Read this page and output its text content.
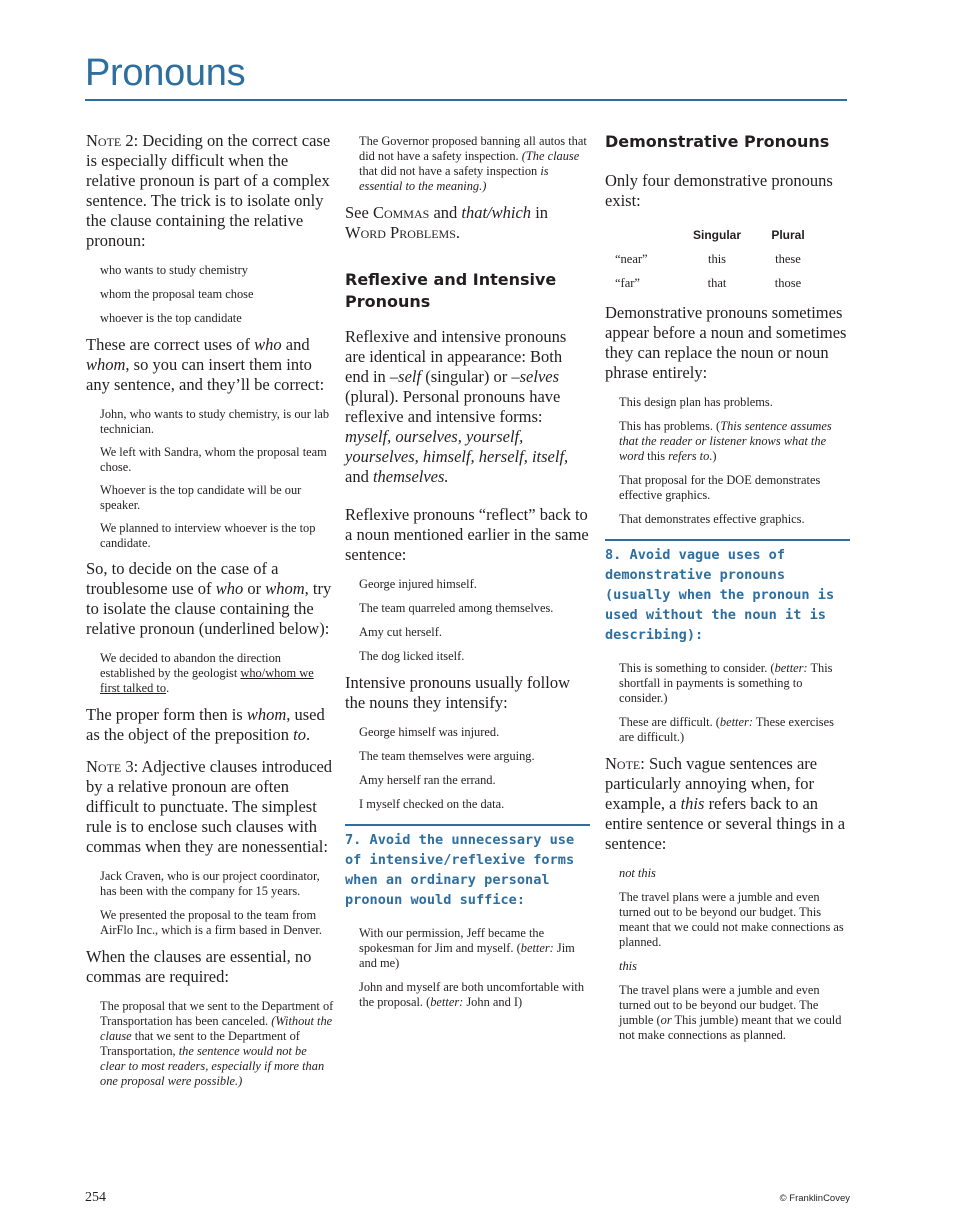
Pronouns

Note 2: Deciding on the correct case is especially difficult when the relative pronoun is part of a complex sentence. The trick is to isolate only the clause containing the relative pronoun:

who wants to study chemistry

whom the proposal team chose

whoever is the top candidate

These are correct uses of who and whom, so you can insert them into any sentence, and they’ll be correct:

John, who wants to study chemistry, is our lab technician.

We left with Sandra, whom the proposal team chose.

Whoever is the top candidate will be our speaker.

We planned to interview whoever is the top candidate.

So, to decide on the case of a troublesome use of who or whom, try to isolate the clause containing the relative pronoun (underlined below):

We decided to abandon the direction established by the geologist who/whom we first talked to.

The proper form then is whom, used as the object of the preposition to.

Note 3: Adjective clauses introduced by a relative pronoun are often difficult to punctuate. The simplest rule is to enclose such clauses with commas when they are nonessential:

Jack Craven, who is our project coordinator, has been with the company for 15 years.

We presented the proposal to the team from AirFlo Inc., which is a firm based in Denver.

When the clauses are essential, no commas are required:

The proposal that we sent to the Department of Transportation has been canceled. (Without the clause that we sent to the Department of Transportation, the sentence would not be clear to most readers, especially if more than one proposal were possible.)

The Governor proposed banning all autos that did not have a safety inspection. (The clause that did not have a safety inspection is essential to the meaning.)

See Commas and that/which in Word Problems.

Reflexive and Intensive Pronouns

Reflexive and intensive pronouns are identical in appearance: Both end in –self (singular) or –selves (plural). Personal pronouns have reflexive and intensive forms: myself, ourselves, yourself, yourselves, himself, herself, itself, and themselves.

Reflexive pronouns “reflect” back to a noun mentioned earlier in the same sentence:

George injured himself.

The team quarreled among themselves.

Amy cut herself.

The dog licked itself.

Intensive pronouns usually follow the nouns they intensify:

George himself was injured.

The team themselves were arguing.

Amy herself ran the errand.

I myself checked on the data.

7. Avoid the unnecessary use of intensive/reflexive forms when an ordinary personal pronoun would suffice:

With our permission, Jeff became the spokesman for Jim and myself. (better: Jim and me)

John and myself are both uncomfortable with the proposal. (better: John and I)

Demonstrative Pronouns

Only four demonstrative pronouns exist:

	Singular	Plural
“near”	this	these
“far”	that	those

Demonstrative pronouns sometimes appear before a noun and sometimes they can replace the noun or noun phrase entirely:

This design plan has problems.

This has problems. (This sentence assumes that the reader or listener knows what the word this refers to.)

That proposal for the DOE demonstrates effective graphics.

That demonstrates effective graphics.

8. Avoid vague uses of demonstrative pronouns (usually when the pronoun is used without the noun it is describing):

This is something to consider. (better: This shortfall in payments is something to consider.)

These are difficult. (better: These exercises are difficult.)

Note: Such vague sentences are particularly annoying when, for example, a this refers back to an entire sentence or several things in a sentence:

not this

The travel plans were a jumble and even turned out to be beyond our budget. This meant that we could not make connections as planned.

this

The travel plans were a jumble and even turned out to be beyond our budget. The jumble (or This jumble) meant that we could not make connections as planned.

254	© FranklinCovey
